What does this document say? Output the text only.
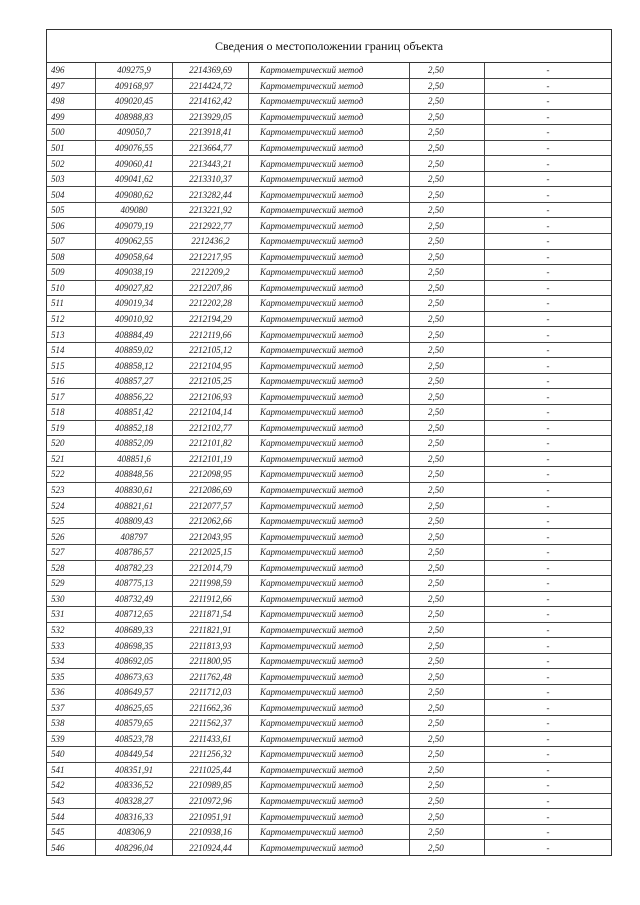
Сведения о местоположении границ объекта
496	409275,9	2214369,69	Картометрический метод	2,50	-
497	409168,97	2214424,72	Картометрический метод	2,50	-
498	409020,45	2214162,42	Картометрический метод	2,50	-
499	408988,83	2213929,05	Картометрический метод	2,50	-
500	409050,7	2213918,41	Картометрический метод	2,50	-
501	409076,55	2213664,77	Картометрический метод	2,50	-
502	409060,41	2213443,21	Картометрический метод	2,50	-
503	409041,62	2213310,37	Картометрический метод	2,50	-
504	409080,62	2213282,44	Картометрический метод	2,50	-
505	409080	2213221,92	Картометрический метод	2,50	-
506	409079,19	2212922,77	Картометрический метод	2,50	-
507	409062,55	2212436,2	Картометрический метод	2,50	-
508	409058,64	2212217,95	Картометрический метод	2,50	-
509	409038,19	2212209,2	Картометрический метод	2,50	-
510	409027,82	2212207,86	Картометрический метод	2,50	-
511	409019,34	2212202,28	Картометрический метод	2,50	-
512	409010,92	2212194,29	Картометрический метод	2,50	-
513	408884,49	2212119,66	Картометрический метод	2,50	-
514	408859,02	2212105,12	Картометрический метод	2,50	-
515	408858,12	2212104,95	Картометрический метод	2,50	-
516	408857,27	2212105,25	Картометрический метод	2,50	-
517	408856,22	2212106,93	Картометрический метод	2,50	-
518	408851,42	2212104,14	Картометрический метод	2,50	-
519	408852,18	2212102,77	Картометрический метод	2,50	-
520	408852,09	2212101,82	Картометрический метод	2,50	-
521	408851,6	2212101,19	Картометрический метод	2,50	-
522	408848,56	2212098,95	Картометрический метод	2,50	-
523	408830,61	2212086,69	Картометрический метод	2,50	-
524	408821,61	2212077,57	Картометрический метод	2,50	-
525	408809,43	2212062,66	Картометрический метод	2,50	-
526	408797	2212043,95	Картометрический метод	2,50	-
527	408786,57	2212025,15	Картометрический метод	2,50	-
528	408782,23	2212014,79	Картометрический метод	2,50	-
529	408775,13	2211998,59	Картометрический метод	2,50	-
530	408732,49	2211912,66	Картометрический метод	2,50	-
531	408712,65	2211871,54	Картометрический метод	2,50	-
532	408689,33	2211821,91	Картометрический метод	2,50	-
533	408698,35	2211813,93	Картометрический метод	2,50	-
534	408692,05	2211800,95	Картометрический метод	2,50	-
535	408673,63	2211762,48	Картометрический метод	2,50	-
536	408649,57	2211712,03	Картометрический метод	2,50	-
537	408625,65	2211662,36	Картометрический метод	2,50	-
538	408579,65	2211562,37	Картометрический метод	2,50	-
539	408523,78	2211433,61	Картометрический метод	2,50	-
540	408449,54	2211256,32	Картометрический метод	2,50	-
541	408351,91	2211025,44	Картометрический метод	2,50	-
542	408336,52	2210989,85	Картометрический метод	2,50	-
543	408328,27	2210972,96	Картометрический метод	2,50	-
544	408316,33	2210951,91	Картометрический метод	2,50	-
545	408306,9	2210938,16	Картометрический метод	2,50	-
546	408296,04	2210924,44	Картометрический метод	2,50	-
